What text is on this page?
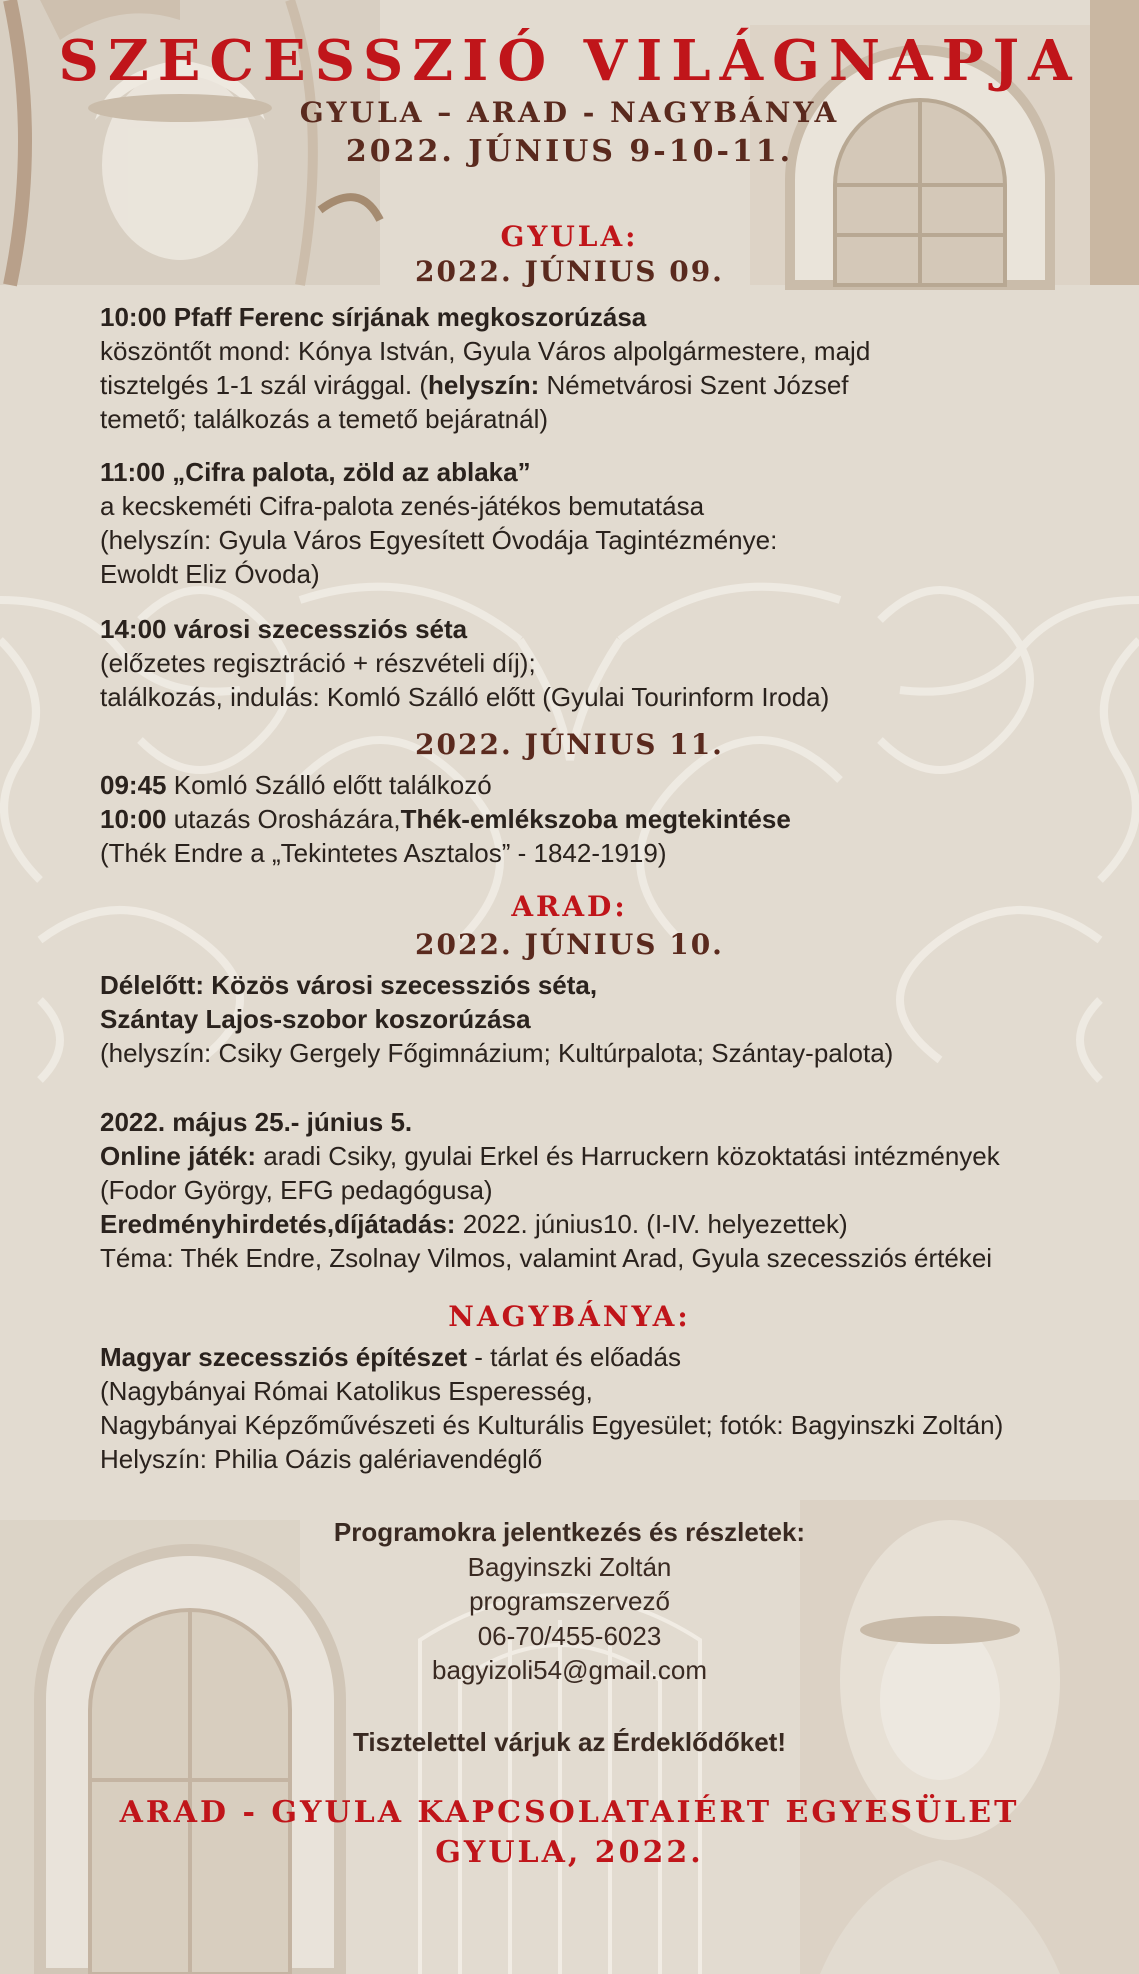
SZECESSZIÓ VILÁGNAPJA
GYULA – ARAD - NAGYBÁNYA
2022. JÚNIUS 9-10-11.
GYULA:
2022. JÚNIUS 09.

10:00 Pfaff Ferenc sírjának megkoszorúzása

köszöntőt mond: Kónya István, Gyula Város alpolgármestere, majd

tisztelgés 1-1 szál virággal. (helyszín: Németvárosi Szent József

temető; találkozás a temető bejáratnál)

11:00 „Cifra palota, zöld az ablaka”

a kecskeméti Cifra-palota zenés-játékos bemutatása

(helyszín: Gyula Város Egyesített Óvodája Tagintézménye:

Ewoldt Eliz Óvoda)

14:00 városi szecessziós séta

(előzetes regisztráció + részvételi díj);

találkozás, indulás: Komló Szálló előtt (Gyulai Tourinform Iroda)

2022. JÚNIUS 11.

09:45 Komló Szálló előtt találkozó

10:00 utazás Orosházára,Thék-emlékszoba megtekintése

(Thék Endre a „Tekintetes Asztalos” - 1842-1919)

ARAD:
2022. JÚNIUS 10.

Délelőtt: Közös városi szecessziós séta,

Szántay Lajos-szobor koszorúzása

(helyszín: Csiky Gergely Főgimnázium; Kultúrpalota; Szántay-palota)

2022. május 25.- június 5.

Online játék: aradi Csiky, gyulai Erkel és Harruckern közoktatási intézmények

(Fodor György, EFG pedagógusa)

Eredményhirdetés,díjátadás: 2022. június10. (I-IV. helyezettek)

Téma: Thék Endre, Zsolnay Vilmos, valamint Arad, Gyula szecessziós értékei

NAGYBÁNYA:

Magyar szecessziós építészet - tárlat és előadás

(Nagybányai Római Katolikus Esperesség,

Nagybányai Képzőművészeti és Kulturális Egyesület; fotók: Bagyinszki Zoltán)

Helyszín: Philia Oázis galériavendéglő

Programokra jelentkezés és részletek:

Bagyinszki Zoltán

programszervező

06-70/455-6023

bagyizoli54@gmail.com

Tisztelettel várjuk az Érdeklődőket!
ARAD - GYULA KAPCSOLATAIÉRT EGYESÜLET
GYULA, 2022.
